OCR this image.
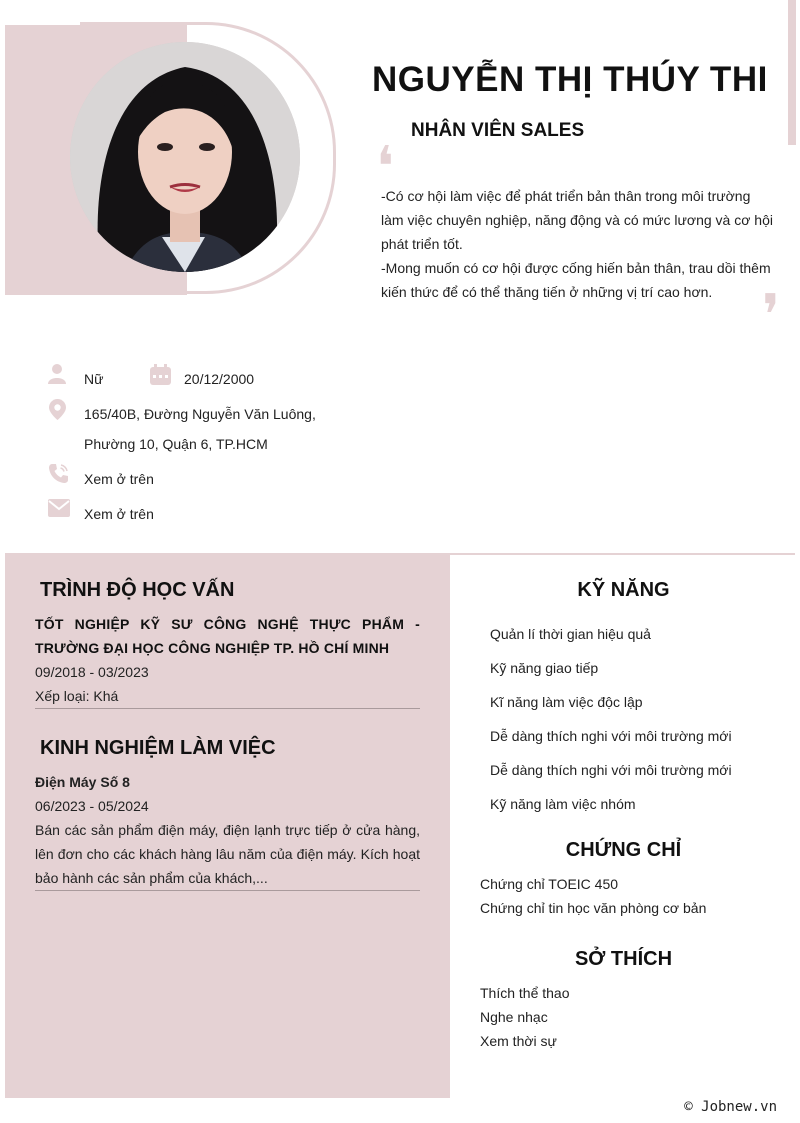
NGUYỄN THỊ THÚY THI
NHÂN VIÊN SALES
❛

-Có cơ hội làm việc để phát triển bản thân trong môi trường làm việc chuyên nghiệp, năng động và có mức lương và cơ hội phát triển tốt.

-Mong muốn có cơ hội được cống hiến bản thân, trau dồi thêm kiến thức để có thể thăng tiến ở những vị trí cao hơn. ❜
Nữ	20/12/2000
165/40B, Đường Nguyễn Văn Luông,
Phường 10, Quận 6, TP.HCM
Xem ở trên
Xem ở trên
TRÌNH ĐỘ HỌC VẤN
TỐT NGHIỆP KỸ SƯ CÔNG NGHỆ THỰC PHẨM - TRƯỜNG ĐẠI HỌC CÔNG NGHIỆP TP. HỒ CHÍ MINH
09/2018 - 03/2023
Xếp loại: Khá
KINH NGHIỆM LÀM VIỆC
Điện Máy Số 8
06/2023 - 05/2024
Bán các sản phẩm điện máy, điện lạnh trực tiếp ở cửa hàng, lên đơn cho các khách hàng lâu năm của điện máy. Kích hoạt bảo hành các sản phẩm của khách,...
KỸ NĂNG
Quản lí thời gian hiệu quả
Kỹ năng giao tiếp
Kĩ năng làm việc độc lập
Dễ dàng thích nghi với môi trường mới
Dễ dàng thích nghi với môi trường mới
Kỹ năng làm việc nhóm
CHỨNG CHỈ
Chứng chỉ TOEIC 450
Chứng chỉ tin học văn phòng cơ bản
SỞ THÍCH
Thích thể thao
Nghe nhạc
Xem thời sự
© Jobnew.vn
